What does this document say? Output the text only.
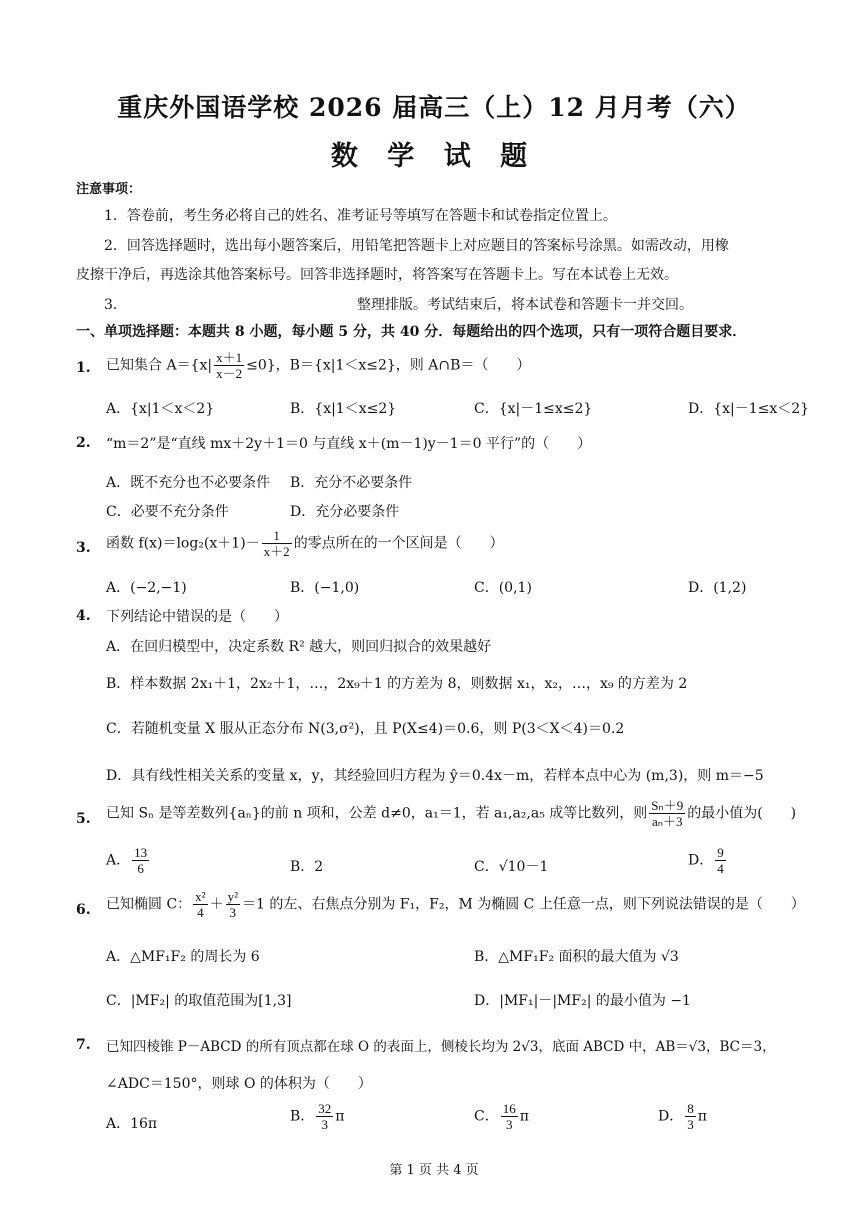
重庆外国语学校 2026 届高三（上）12 月月考（六）
数 学 试 题
注意事项：
1．答卷前，考生务必将自己的姓名、准考证号等填写在答题卡和试卷指定位置上。
2．回答选择题时，选出每小题答案后，用铅笔把答题卡上对应题目的答案标号涂黑。如需改动，用橡
皮擦干净后，再选涂其他答案标号。回答非选择题时，将答案写在答题卡上。写在本试卷上无效。
3．	整理排版。考试结束后，将本试卷和答题卡一并交回。
一、单项选择题：本题共 8 小题，每小题 5 分，共 40 分．每题给出的四个选项，只有一项符合题目要求．
1. 已知集合 $A=\{x| \frac{x+1}{x-2} \le 0\}$，B＝{x|1＜x≤2}，则 A∩B＝（　　）
A．{x|1＜x＜2}	B．{x|1＜x≤2}	C．{x|－1≤x≤2}	D．{x|－1≤x＜2}
2. “m＝2”是“直线 mx＋2y＋1＝0 与直线 x＋(m－1)y－1＝0 平行”的（　　）
A．既不充分也不必要条件 B．充分不必要条件
C．必要不充分条件	D．充分必要条件
3. 函数 $f(x)=\log_2(x+1)- \frac{1}{x+2}$ 的零点所在的一个区间是（　　）
A．(−2,−1)	B．(−1,0)	C．(0,1)	D．(1,2)
4. 下列结论中错误的是（　　）
A．在回归模型中，决定系数 R² 越大，则回归拟合的效果越好
B．样本数据 2x₁＋1，2x₂＋1，…，2x₉＋1 的方差为 8，则数据 x₁，x₂，…，x₉ 的方差为 2
C．若随机变量 X 服从正态分布 N(3,σ²)，且 P(X≤4)＝0.6，则 P(3＜X＜4)＝0.2
D．具有线性相关关系的变量 x，y，其经验回归方程为 ŷ＝0.4x－m，若样本点中心为 (m,3)，则 m＝−5
5. 已知 Sₙ 是等差数列{aₙ}的前 n 项和，公差 d≠0，a₁＝1，若 a₁,a₂,a₅ 成等比数列，则 $\frac{\text{Sₙ＋9}}{\text{aₙ＋3}}$ 的最小值为(　　)
A． $\frac{13}{6}$	B．2	C．√10－1	D． $\frac{9}{4}$
6. 已知椭圆 C： $\frac{\text{x²}}{4} + \frac{\text{y²}}{3} =1$ 的左、右焦点分别为 F₁，F₂，M 为椭圆 C 上任意一点，则下列说法错误的是（　　）
A．△MF₁F₂ 的周长为 6	B．△MF₁F₂ 面积的最大值为 √3
C．|MF₂| 的取值范围为[1,3]	D．|MF₁|－|MF₂| 的最小值为 −1
7. 已知四棱锥 P－ABCD 的所有顶点都在球 O 的表面上，侧棱长均为 2√3，底面 ABCD 中，AB＝√3，BC＝3，
∠ADC＝150°，则球 O 的体积为（　　）
A．16π	B． $\frac{32}{3}$ π	C． $\frac{16}{3}$ π	D． $\frac{8}{3}$ π
第 1 页 共 4 页
